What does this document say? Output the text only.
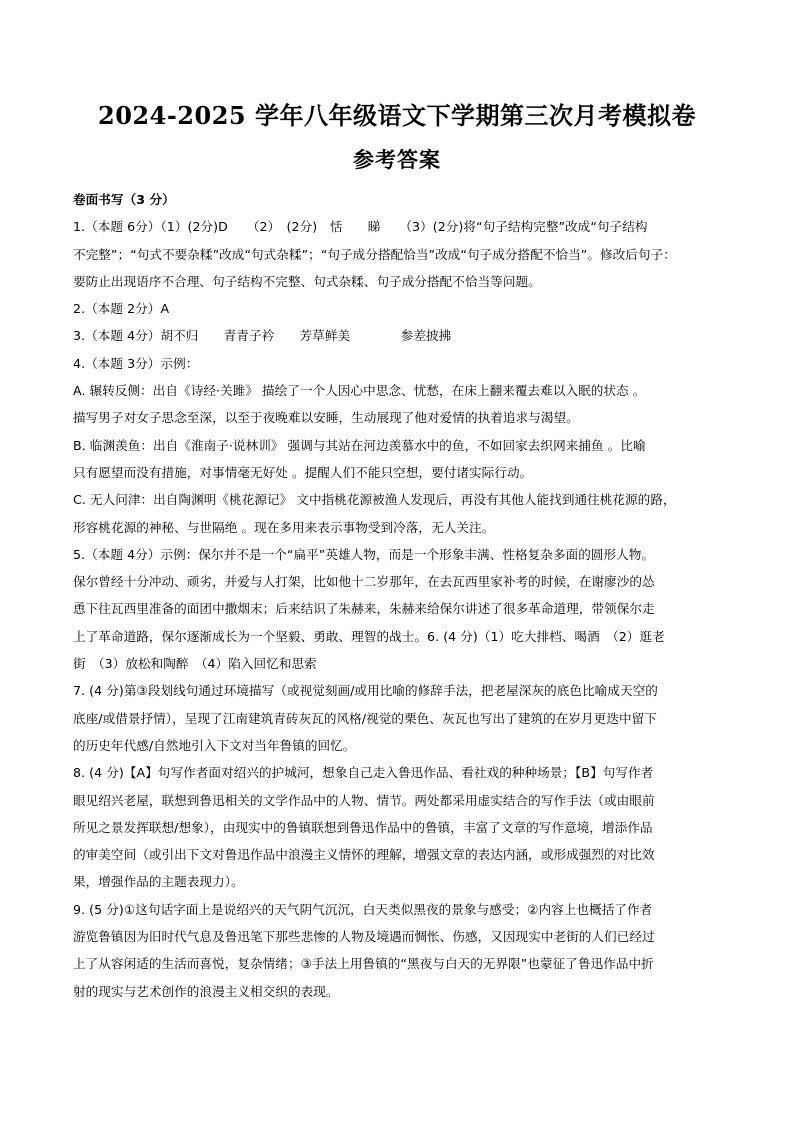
2024-2025 学年八年级语文下学期第三次月考模拟卷
参考答案

卷面书写（3 分）

1.（本题 6分）（1）(2分)D　　（2）　(2分)　恬　　睇　　（3）(2分)将“句子结构完整”改成“句子结构

不完整”；“句式不要杂糅”改成“句式杂糅”；“句子成分搭配恰当”改成“句子成分搭配不恰当”。修改后句子：

要防止出现语序不合理、句子结构不完整、句式杂糅、句子成分搭配不恰当等问题。

2.（本题 2分）A

3.（本题 4分）胡不归　　青青子衿　　芳草鲜美　　　　参差披拂

4.（本题 3分）示例：

A. 辗转反侧：出自《诗经·关雎》 描绘了一个人因心中思念、忧愁，在床上翻来覆去难以入眠的状态 。

描写男子对女子思念至深，以至于夜晚难以安睡，生动展现了他对爱情的执着追求与渴望。

B. 临渊羡鱼：出自《淮南子·说林训》 强调与其站在河边羡慕水中的鱼，不如回家去织网来捕鱼 。比喻

只有愿望而没有措施，对事情毫无好处 。提醒人们不能只空想，要付诸实际行动。

C. 无人问津：出自陶渊明《桃花源记》 文中指桃花源被渔人发现后，再没有其他人能找到通往桃花源的路，

形容桃花源的神秘、与世隔绝 。现在多用来表示事物受到冷落，无人关注。

5.（本题 4分）示例：保尔并不是一个“扁平”英雄人物，而是一个形象丰满、性格复杂多面的圆形人物。

保尔曾经十分冲动、顽劣，并爱与人打架，比如他十二岁那年，在去瓦西里家补考的时候，在谢廖沙的怂

恿下往瓦西里准备的面团中撒烟末；后来结识了朱赫来，朱赫来给保尔讲述了很多革命道理，带领保尔走

上了革命道路，保尔逐渐成长为一个坚毅、勇敢、理智的战士。6. (4 分)（1）吃大排档、喝酒　（2）逛老

街　（3）放松和陶醉　（4）陷入回忆和思索

7. (4 分)第③段划线句通过环境描写（或视觉刻画/或用比喻的修辞手法，把老屋深灰的底色比喻成天空的

底座/或借景抒情），呈现了江南建筑青砖灰瓦的风格/视觉的栗色、灰瓦也写出了建筑的在岁月更迭中留下

的历史年代感/自然地引入下文对当年鲁镇的回忆。

8. (4 分)【A】句写作者面对绍兴的护城河，想象自己走入鲁迅作品、看社戏的种种场景；【B】句写作者

眼见绍兴老屋，联想到鲁迅相关的文学作品中的人物、情节。两处都采用虚实结合的写作手法（或由眼前

所见之景发挥联想/想象），由现实中的鲁镇联想到鲁迅作品中的鲁镇，丰富了文章的写作意境，增添作品

的审美空间（或引出下文对鲁迅作品中浪漫主义情怀的理解，增强文章的表达内涵，或形成强烈的对比效

果，增强作品的主题表现力）。

9. (5 分)①这句话字面上是说绍兴的天气阴气沉沉，白天类似黑夜的景象与感受；②内容上也概括了作者

游览鲁镇因为旧时代气息及鲁迅笔下那些悲惨的人物及境遇而惆怅、伤感，又因现实中老街的人们已经过

上了从容闲适的生活而喜悦，复杂情绪；③手法上用鲁镇的“黑夜与白天的无界限”也蒙征了鲁迅作品中折

射的现实与艺术创作的浪漫主义相交织的表现。
